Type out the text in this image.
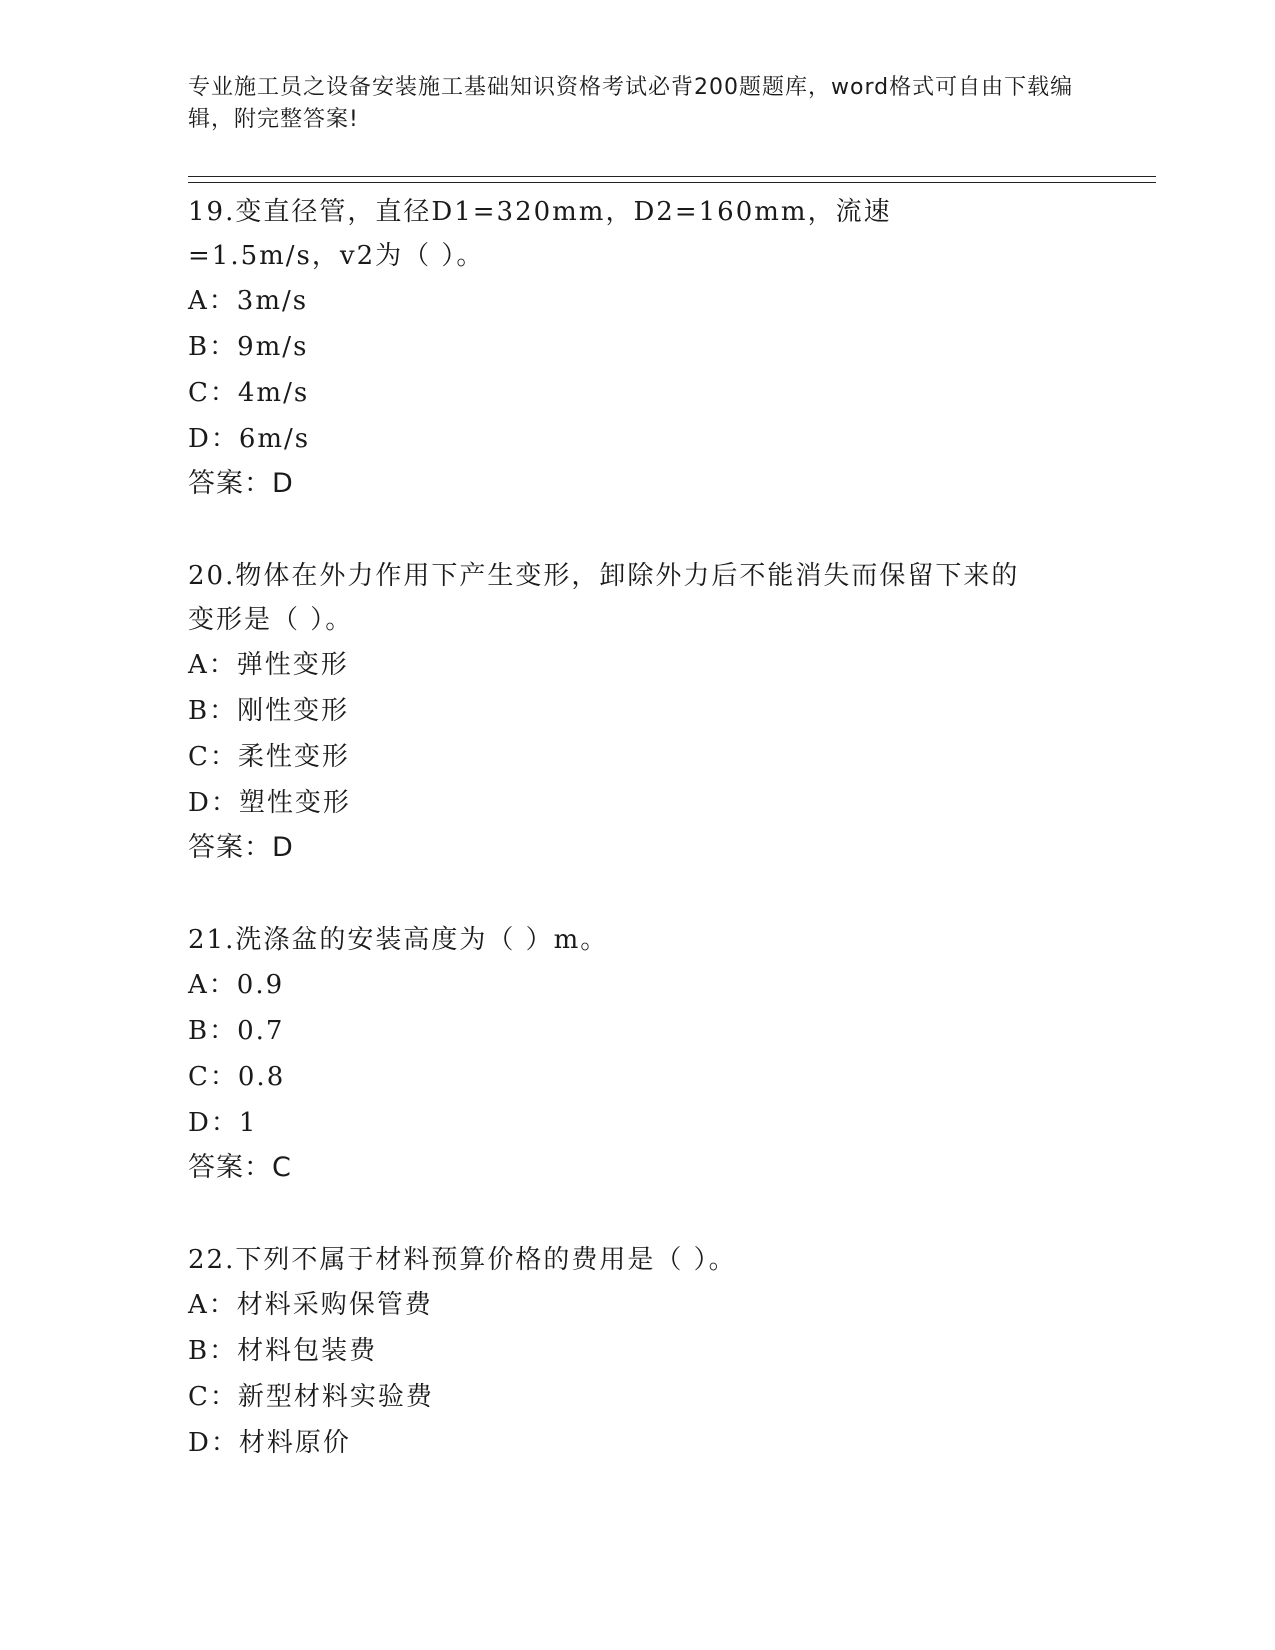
专业施工员之设备安装施工基础知识资格考试必背200题题库，word格式可自由下载编辑，附完整答案!
19.变直径管，直径D1=320mm，D2=160mm，流速=1.5m/s，v2为（ ）。
A：3m/s
B：9m/s
C：4m/s
D：6m/s
答案：D
20.物体在外力作用下产生变形，卸除外力后不能消失而保留下来的变形是（ ）。
A：弹性变形
B：刚性变形
C：柔性变形
D：塑性变形
答案：D
21.洗涤盆的安装高度为（ ）m。
A：0.9
B：0.7
C：0.8
D：1
答案：C
22.下列不属于材料预算价格的费用是（ ）。
A：材料采购保管费
B：材料包装费
C：新型材料实验费
D：材料原价
